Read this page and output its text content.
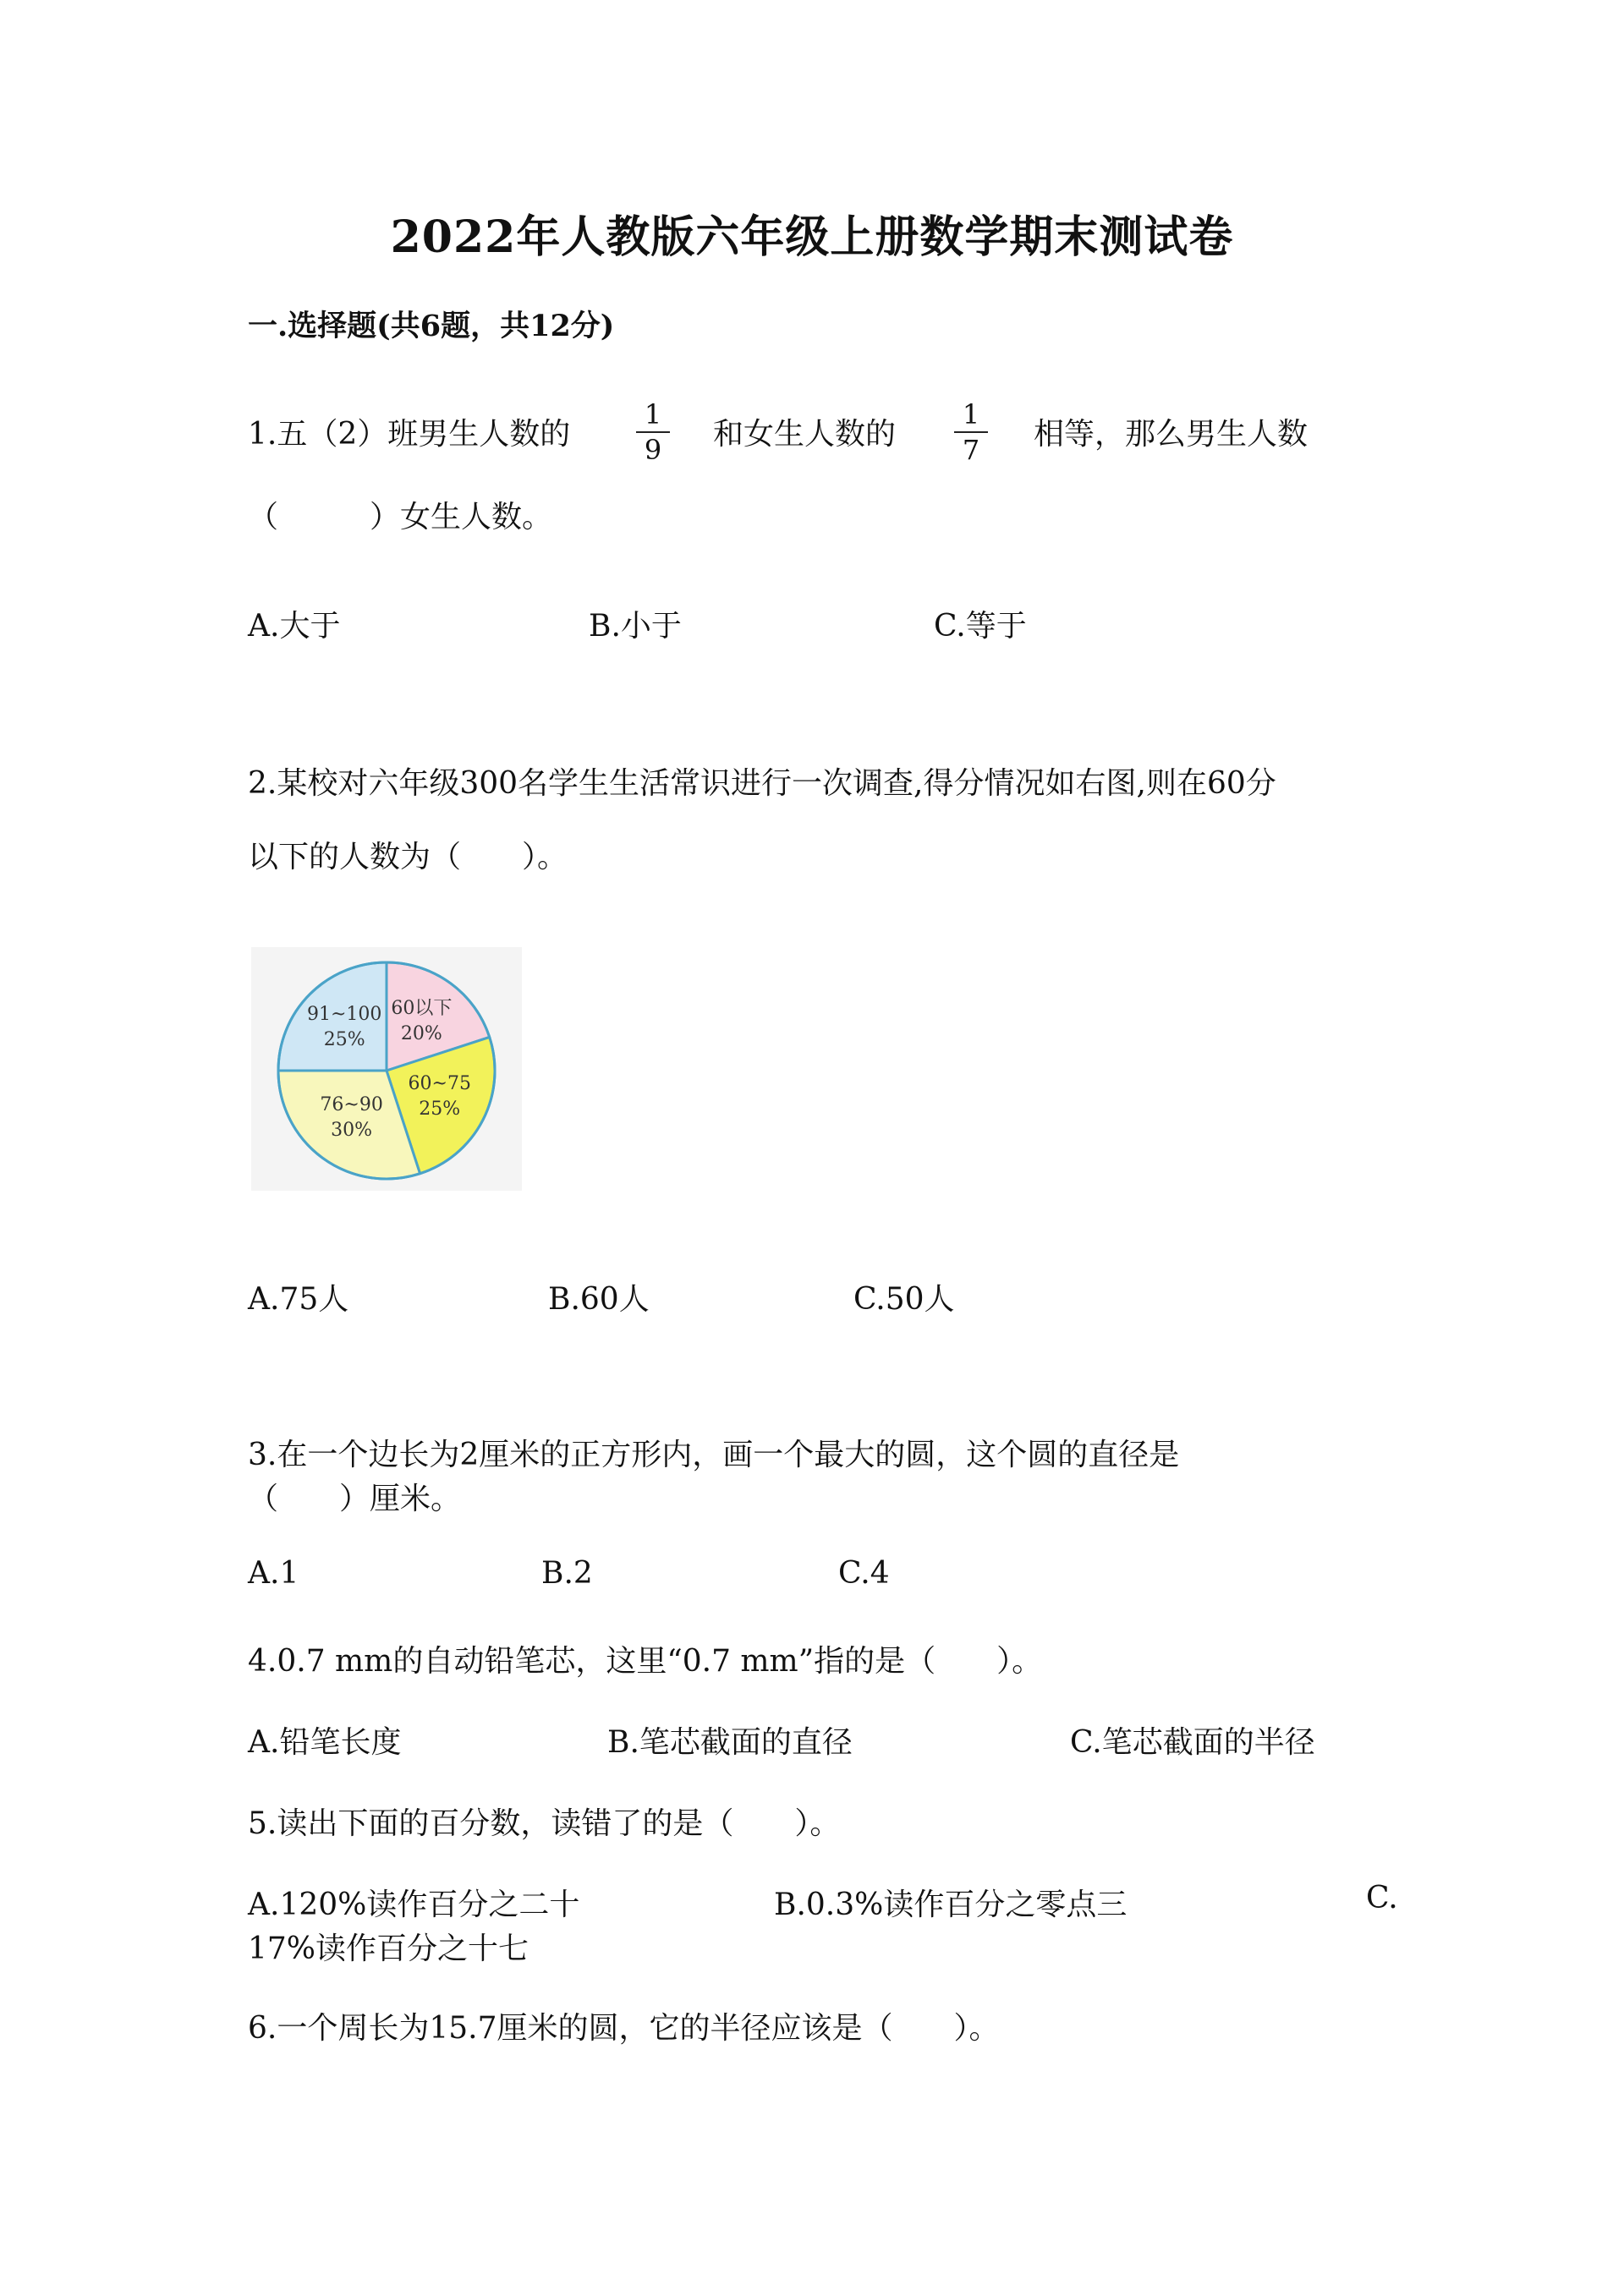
2022年人教版六年级上册数学期末测试卷
一.选择题(共6题，共12分)
1.五（2）班男生人数的
1
9 和女生人数的
1
7 相等，那么男生人数
（　　　）女生人数。
A.大于	B.小于	C.等于
2.某校对六年级300名学生生活常识进行一次调查,得分情况如右图,则在60分
以下的人数为（　　）。
60以下
20%
60~75
25%
76~90
30%
91~100
25%
A.75人	B.60人	C.50人
3.在一个边长为2厘米的正方形内，画一个最大的圆，这个圆的直径是
（　　）厘米。
A.1	B.2	C.4
4.0.7 mm的自动铅笔芯，这里“0.7 mm”指的是（　　）。
A.铅笔长度	B.笔芯截面的直径	C.笔芯截面的半径
5.读出下面的百分数，读错了的是（　　）。
A.120%读作百分之二十	B.0.3%读作百分之零点三	C.
17%读作百分之十七
6.一个周长为15.7厘米的圆，它的半径应该是（　　）。
